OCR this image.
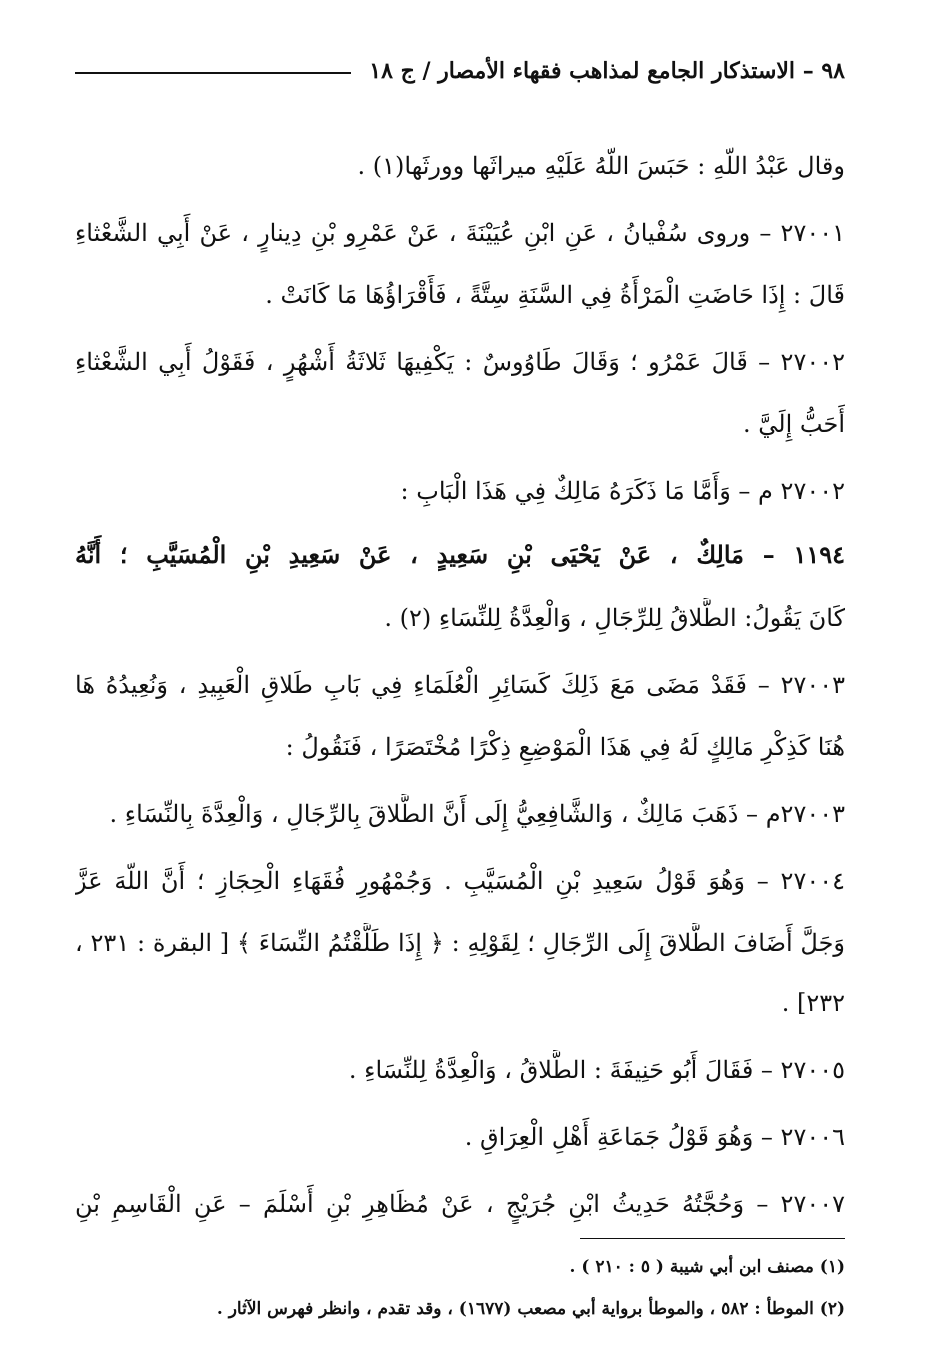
٩٨ – الاستذكار الجامع لمذاهب فقهاء الأمصار / ج ١٨
وقال عَبْدُ اللّهِ : حَبَسَ اللّهُ عَلَيْهِ ميراثَها وورثَها(١) .
٢٧٠٠١ – وروى سُفْيانُ ، عَنِ ابْنِ عُيَيْنَةَ ، عَنْ عَمْرِو بْنِ دِينارٍ ، عَنْ أَبِي الشَّعْثاءِ
قَالَ : إِذَا حَاضَتِ الْمَرْأَةُ فِي السَّنَةِ سِتَّةً ، فَأَقْرَاؤُهَا مَا كَانَتْ .
٢٧٠٠٢ – قَالَ عَمْرُو ؛ وَقَالَ طَاوُوسٌ : يَكْفِيهَا ثَلاثَةُ أَشْهُرٍ ، فَقَوْلُ أَبِي الشَّعْثاءِ
أَحَبُّ إِلَيَّ .
٢٧٠٠٢ م – وَأَمَّا مَا ذَكَرَهُ مَالِكٌ فِي هَذَا الْبَابِ :
١١٩٤ – مَالِكٌ ، عَنْ يَحْيَى بْنِ سَعِيدٍ ، عَنْ سَعِيدِ بْنِ الْمُسَيَّبِ ؛ أَنَّهُ
كَانَ يَقُولُ: الطَّلاقُ لِلرِّجَالِ ، وَالْعِدَّةُ لِلنِّسَاءِ (٢) .
٢٧٠٠٣ – فَقَدْ مَضَى مَعَ ذَلِكَ كَسَائِرِ الْعُلَمَاءِ فِي بَابِ طَلاقِ الْعَبِيدِ ، وَنُعِيدُهُ هَا
هُنَا كَذِكْرِ مَالِكٍ لَهُ فِي هَذَا الْمَوْضِعِ ذِكْرًا مُخْتَصَرًا ، فَنَقُولُ :
٢٧٠٠٣م – ذَهَبَ مَالِكٌ ، وَالشَّافِعِيُّ إِلَى أَنَّ الطَّلاقَ بِالرِّجَالِ ، وَالْعِدَّةَ بِالنِّسَاءِ .
٢٧٠٠٤ – وَهُوَ قَوْلُ سَعِيدِ بْنِ الْمُسَيَّبِ . وَجُمْهُورِ فُقَهَاءِ الْحِجَازِ ؛ أَنَّ اللّهَ عَزَّ
وَجَلَّ أَضَافَ الطَّلاقَ إِلَى الرِّجَالِ ؛ لِقَوْلِهِ : ﴿ إِذَا طَلَّقْتُمُ النِّسَاءَ ﴾ [ البقرة : ٢٣١ ،
٢٣٢] .
٢٧٠٠٥ – فَقَالَ أَبُو حَنِيفَةَ : الطَّلاقُ ، وَالْعِدَّةُ لِلنِّسَاءِ .
٢٧٠٠٦ – وَهُوَ قَوْلُ جَمَاعَةِ أَهْلِ الْعِرَاقِ .
٢٧٠٠٧ – وَحُجَّتُهُ حَدِيثُ ابْنِ جُرَيْجٍ ، عَنْ مُظَاهِرِ بْنِ أَسْلَمَ – عَنِ الْقَاسِمِ بْنِ
(١) مصنف ابن أبي شيبة ( ٥ : ٢١٠ ) .
(٢) الموطأ : ٥٨٢ ، والموطأ برواية أبي مصعب (١٦٧٧) ، وقد تقدم ، وانظر فهرس الآثار .
